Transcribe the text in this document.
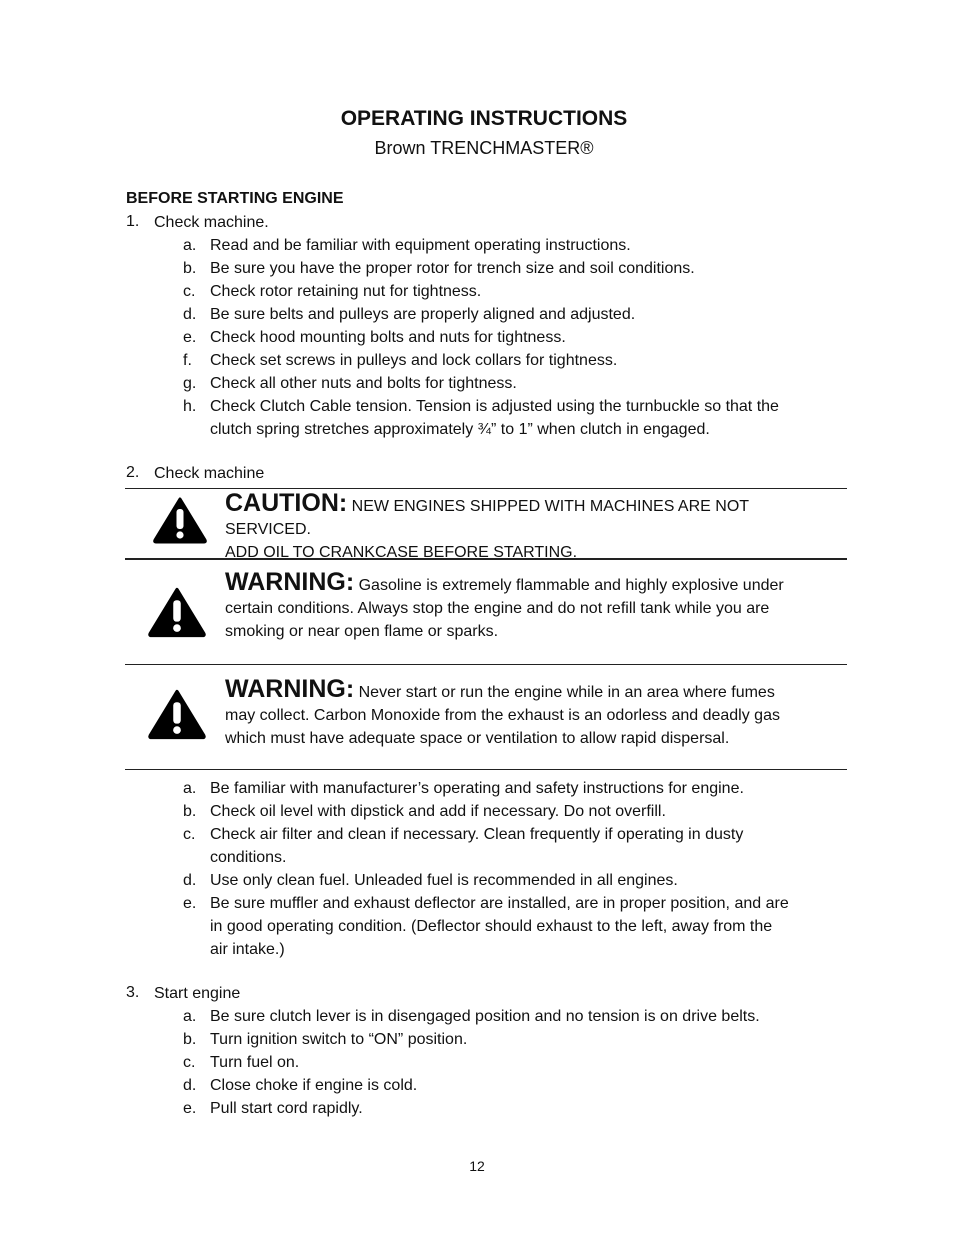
OPERATING INSTRUCTIONS
Brown TRENCHMASTER®
BEFORE STARTING ENGINE
1. Check machine.
a. Read and be familiar with equipment operating instructions.
b. Be sure you have the proper rotor for trench size and soil conditions.
c. Check rotor retaining nut for tightness.
d. Be sure belts and pulleys are properly aligned and adjusted.
e. Check hood mounting bolts and nuts for tightness.
f. Check set screws in pulleys and lock collars for tightness.
g. Check all other nuts and bolts for tightness.
h. Check Clutch Cable tension. Tension is adjusted using the turnbuckle so that the
clutch spring stretches approximately ¾” to 1” when clutch in engaged.
2. Check machine
CAUTION: NEW ENGINES SHIPPED WITH MACHINES ARE NOT SERVICED.
ADD OIL TO CRANKCASE BEFORE STARTING.
WARNING: Gasoline is extremely flammable and highly explosive under
certain conditions. Always stop the engine and do not refill tank while you are
smoking or near open flame or sparks.
WARNING: Never start or run the engine while in an area where fumes
may collect. Carbon Monoxide from the exhaust is an odorless and deadly gas
which must have adequate space or ventilation to allow rapid dispersal.
a. Be familiar with manufacturer’s operating and safety instructions for engine.
b. Check oil level with dipstick and add if necessary. Do not overfill.
c. Check air filter and clean if necessary. Clean frequently if operating in dusty
conditions.
d. Use only clean fuel. Unleaded fuel is recommended in all engines.
e. Be sure muffler and exhaust deflector are installed, are in proper position, and are
in good operating condition. (Deflector should exhaust to the left, away from the
air intake.)
3. Start engine
a. Be sure clutch lever is in disengaged position and no tension is on drive belts.
b. Turn ignition switch to “ON” position.
c. Turn fuel on.
d. Close choke if engine is cold.
e. Pull start cord rapidly.
12
